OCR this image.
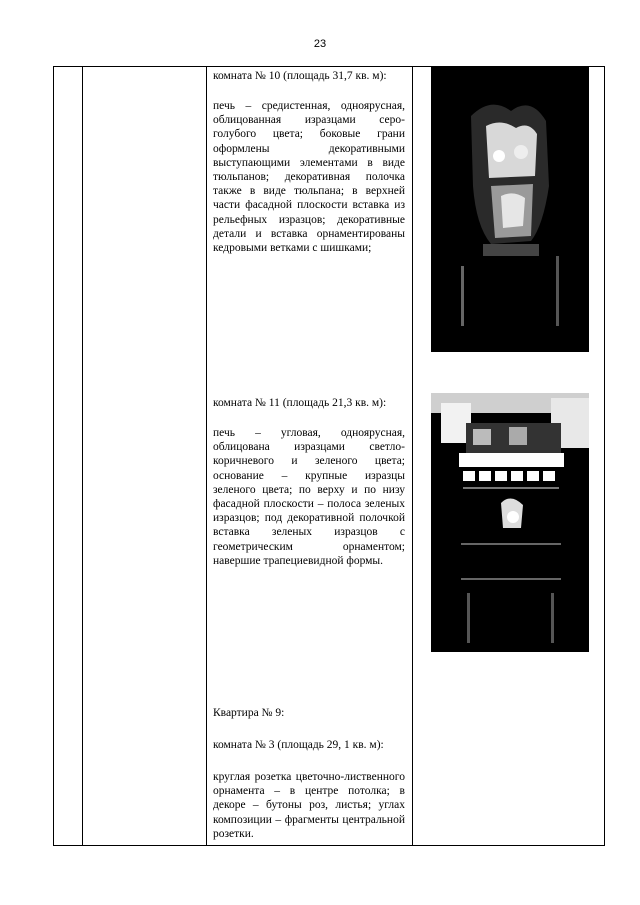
23
комната № 10 (площадь 31,7 кв. м):

печь – средистенная, одноярусная, облицованная изразцами серо-голубого цвета; боковые грани оформлены декоративными выступающими элементами в виде тюльпанов; декоративная полочка также в виде тюльпана; в верхней части фасадной плоскости вставка из рельефных изразцов; декоративные детали и вставка орнаментированы кедровыми ветками с шишками;

комната № 11 (площадь 21,3 кв. м):

печь – угловая, одноярусная, облицована изразцами светло-коричневого и зеленого цвета; основание – крупные изразцы зеленого цвета; по верху и по низу фасадной плоскости – полоса зеленых изразцов; под декоративной полочкой вставка зеленых изразцов с геометрическим орнаментом; навершие трапециевидной формы.

Квартира № 9:
комната № 3 (площадь 29, 1 кв. м):

круглая розетка цветочно-лиственного орнамента – в центре потолка; в декоре – бутоны роз, листья; углах композиции – фрагменты центральной розетки.
